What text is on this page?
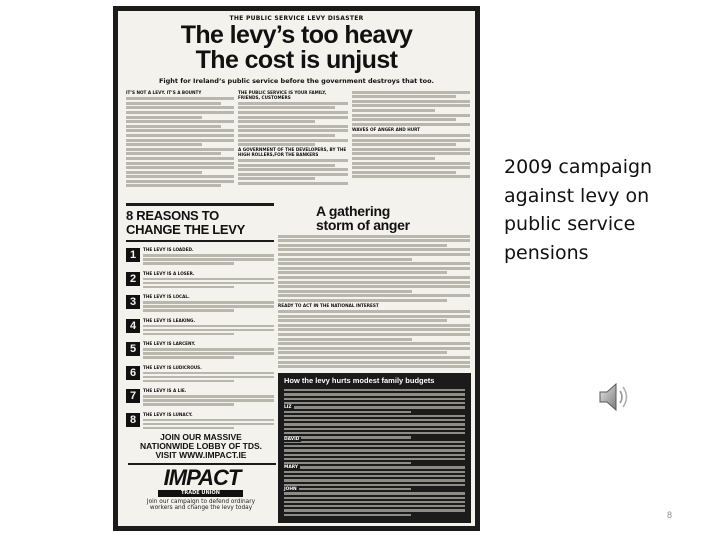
THE PUBLIC SERVICE LEVY DISASTER
The levy’s too heavy
The cost is unjust
Fight for Ireland’s public service before the government destroys that too.
IT’S NOT A LEVY. IT’S A BOUNTY	THE PUBLIC SERVICE IS YOUR FAMILY, FRIENDS, CUSTOMERS
A GOVERNMENT OF THE DEVELOPERS, BY THE HIGH ROLLERS,FOR THE BANKERS
WAVES OF ANGER AND HURT
8 REASONS TO
CHANGE THE LEVY
1	THE LEVY IS LOADED.
2	THE LEVY IS A LOSER.
3	THE LEVY IS LOCAL.
4	THE LEVY IS LEAKING.
5	THE LEVY IS LARCENY.
6	THE LEVY IS LUDICROUS.
7	THE LEVY IS A LIE.
8	THE LEVY IS LUNACY.
A gathering
storm of anger
READY TO ACT IN THE NATIONAL INTEREST
JOIN OUR MASSIVE
NATIONWIDE LOBBY OF TDS.
VISIT WWW.IMPACT.IE
IMPACT
TRADE UNION
Join our campaign to defend ordinary
workers and change the levy today
How the levy hurts modest family budgets
LIZ
DAVID
MARY
JOHN
2009 campaign
against levy on
public service
pensions
8
